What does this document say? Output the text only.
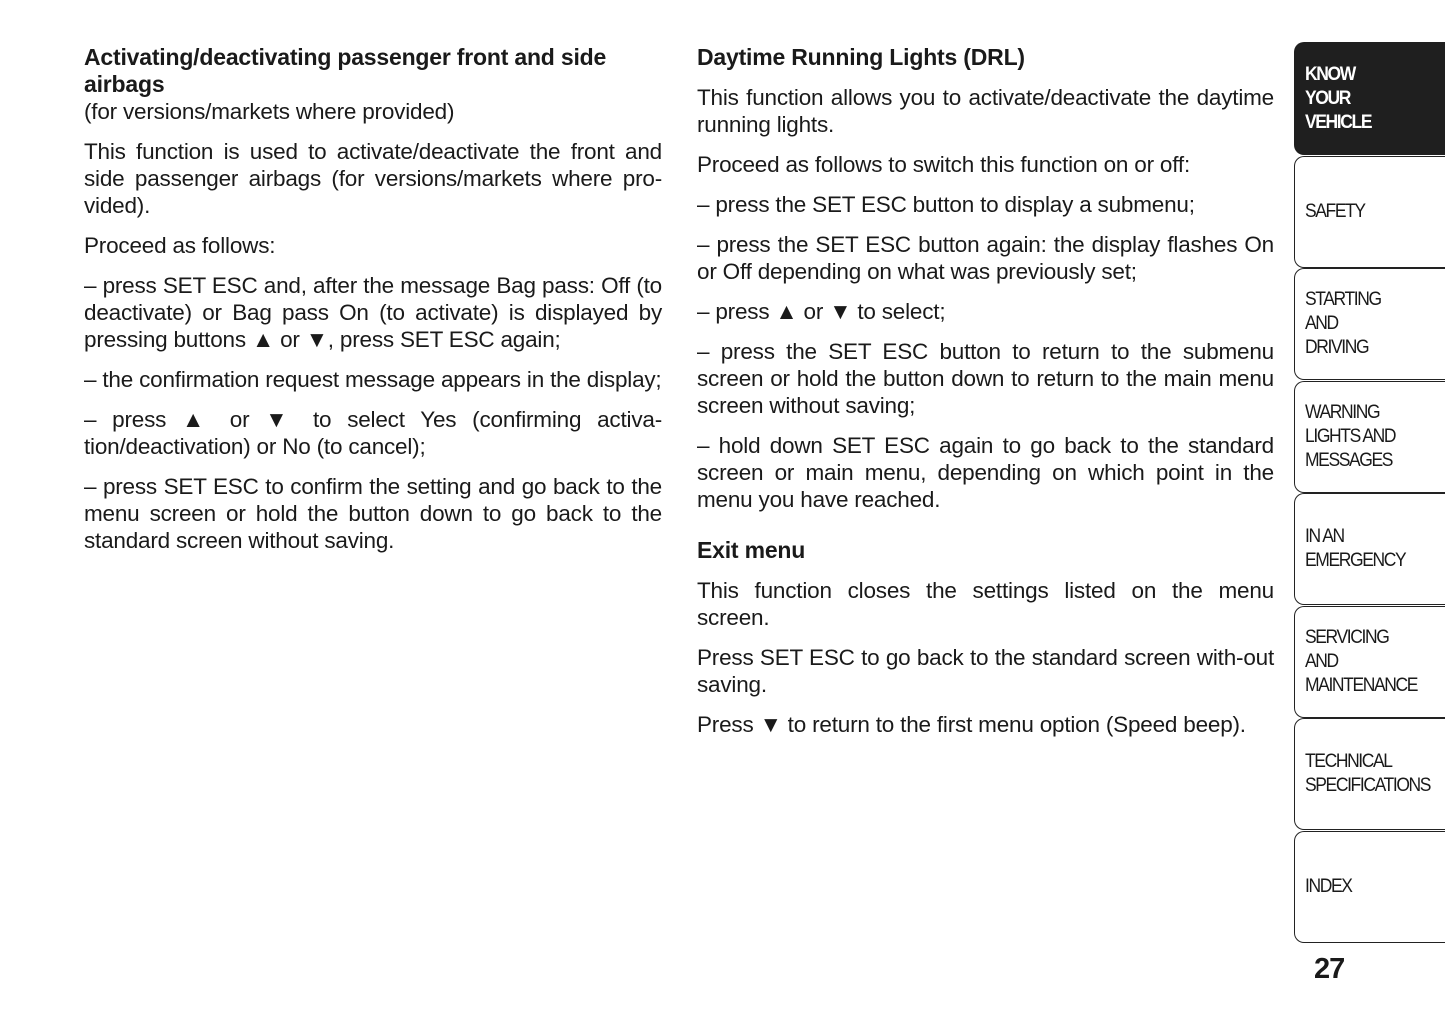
Activating/deactivating passenger front and side airbags

(for versions/markets where provided)

This function is used to activate/deactivate the front and side passenger airbags (for versions/markets where pro-vided).

Proceed as follows:

– press SET ESC and, after the message Bag pass: Off (to deactivate) or Bag pass On (to activate) is displayed by pressing buttons ▲ or ▼, press SET ESC again;

– the confirmation request message appears in the display;

– press ▲ or ▼ to select Yes (confirming activa-tion/deactivation) or No (to cancel);

– press SET ESC to confirm the setting and go back to the menu screen or hold the button down to go back to the standard screen without saving.

Daytime Running Lights (DRL)

This function allows you to activate/deactivate the daytime running lights.

Proceed as follows to switch this function on or off:

– press the SET ESC button to display a submenu;

– press the SET ESC button again: the display flashes On or Off depending on what was previously set;

– press ▲ or ▼ to select;

– press the SET ESC button to return to the submenu screen or hold the button down to return to the main menu screen without saving;

– hold down SET ESC again to go back to the standard screen or main menu, depending on which point in the menu you have reached.

Exit menu

This function closes the settings listed on the menu screen.

Press SET ESC to go back to the standard screen with-out saving.

Press ▼ to return to the first menu option (Speed beep).

KNOW
YOUR
VEHICLE
SAFETY
STARTING
AND
DRIVING
WARNING
LIGHTS AND
MESSAGES
IN AN
EMERGENCY
SERVICING
AND
MAINTENANCE
TECHNICAL
SPECIFICATIONS
INDEX
27
